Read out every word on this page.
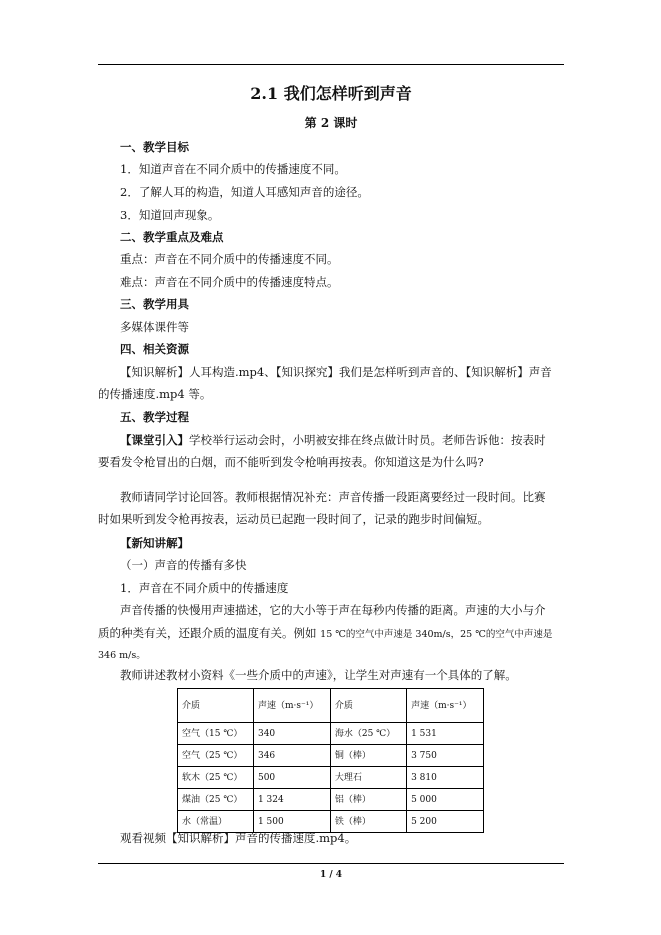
2.1 我们怎样听到声音
第 2 课时
一、教学目标
1．知道声音在不同介质中的传播速度不同。
2．了解人耳的构造，知道人耳感知声音的途径。
3．知道回声现象。
二、教学重点及难点
重点：声音在不同介质中的传播速度不同。
难点：声音在不同介质中的传播速度特点。
三、教学用具
多媒体课件等
四、相关资源
【知识解析】人耳构造.mp4、【知识探究】我们是怎样听到声音的、【知识解析】声音
的传播速度.mp4 等。
五、教学过程
【课堂引入】学校举行运动会时，小明被安排在终点做计时员。老师告诉他：按表时
要看发令枪冒出的白烟，而不能听到发令枪响再按表。你知道这是为什么吗?
教师请同学讨论回答。教师根据情况补充：声音传播一段距离要经过一段时间。比赛
时如果听到发令枪再按表，运动员已起跑一段时间了，记录的跑步时间偏短。
【新知讲解】
（一）声音的传播有多快
1．声音在不同介质中的传播速度
声音传播的快慢用声速描述，它的大小等于声在每秒内传播的距离。声速的大小与介
质的种类有关，还跟介质的温度有关。例如 15 ℃的空气中声速是 340m/s，25 ℃的空气中声速是
346 m/s。
教师讲述教材小资料《一些介质中的声速》，让学生对声速有一个具体的了解。
介质	声速（m·s⁻¹）	介质	声速（m·s⁻¹）
空气（15 ℃）	340	海水（25 ℃）	1 531
空气（25 ℃）	346	铜（棒）	3 750
软木（25 ℃）	500	大理石	3 810
煤油（25 ℃）	1 324	铝（棒）	5 000
水（常温）	1 500	铁（棒）	5 200
观看视频【知识解析】声音的传播速度.mp4。
1 / 4
